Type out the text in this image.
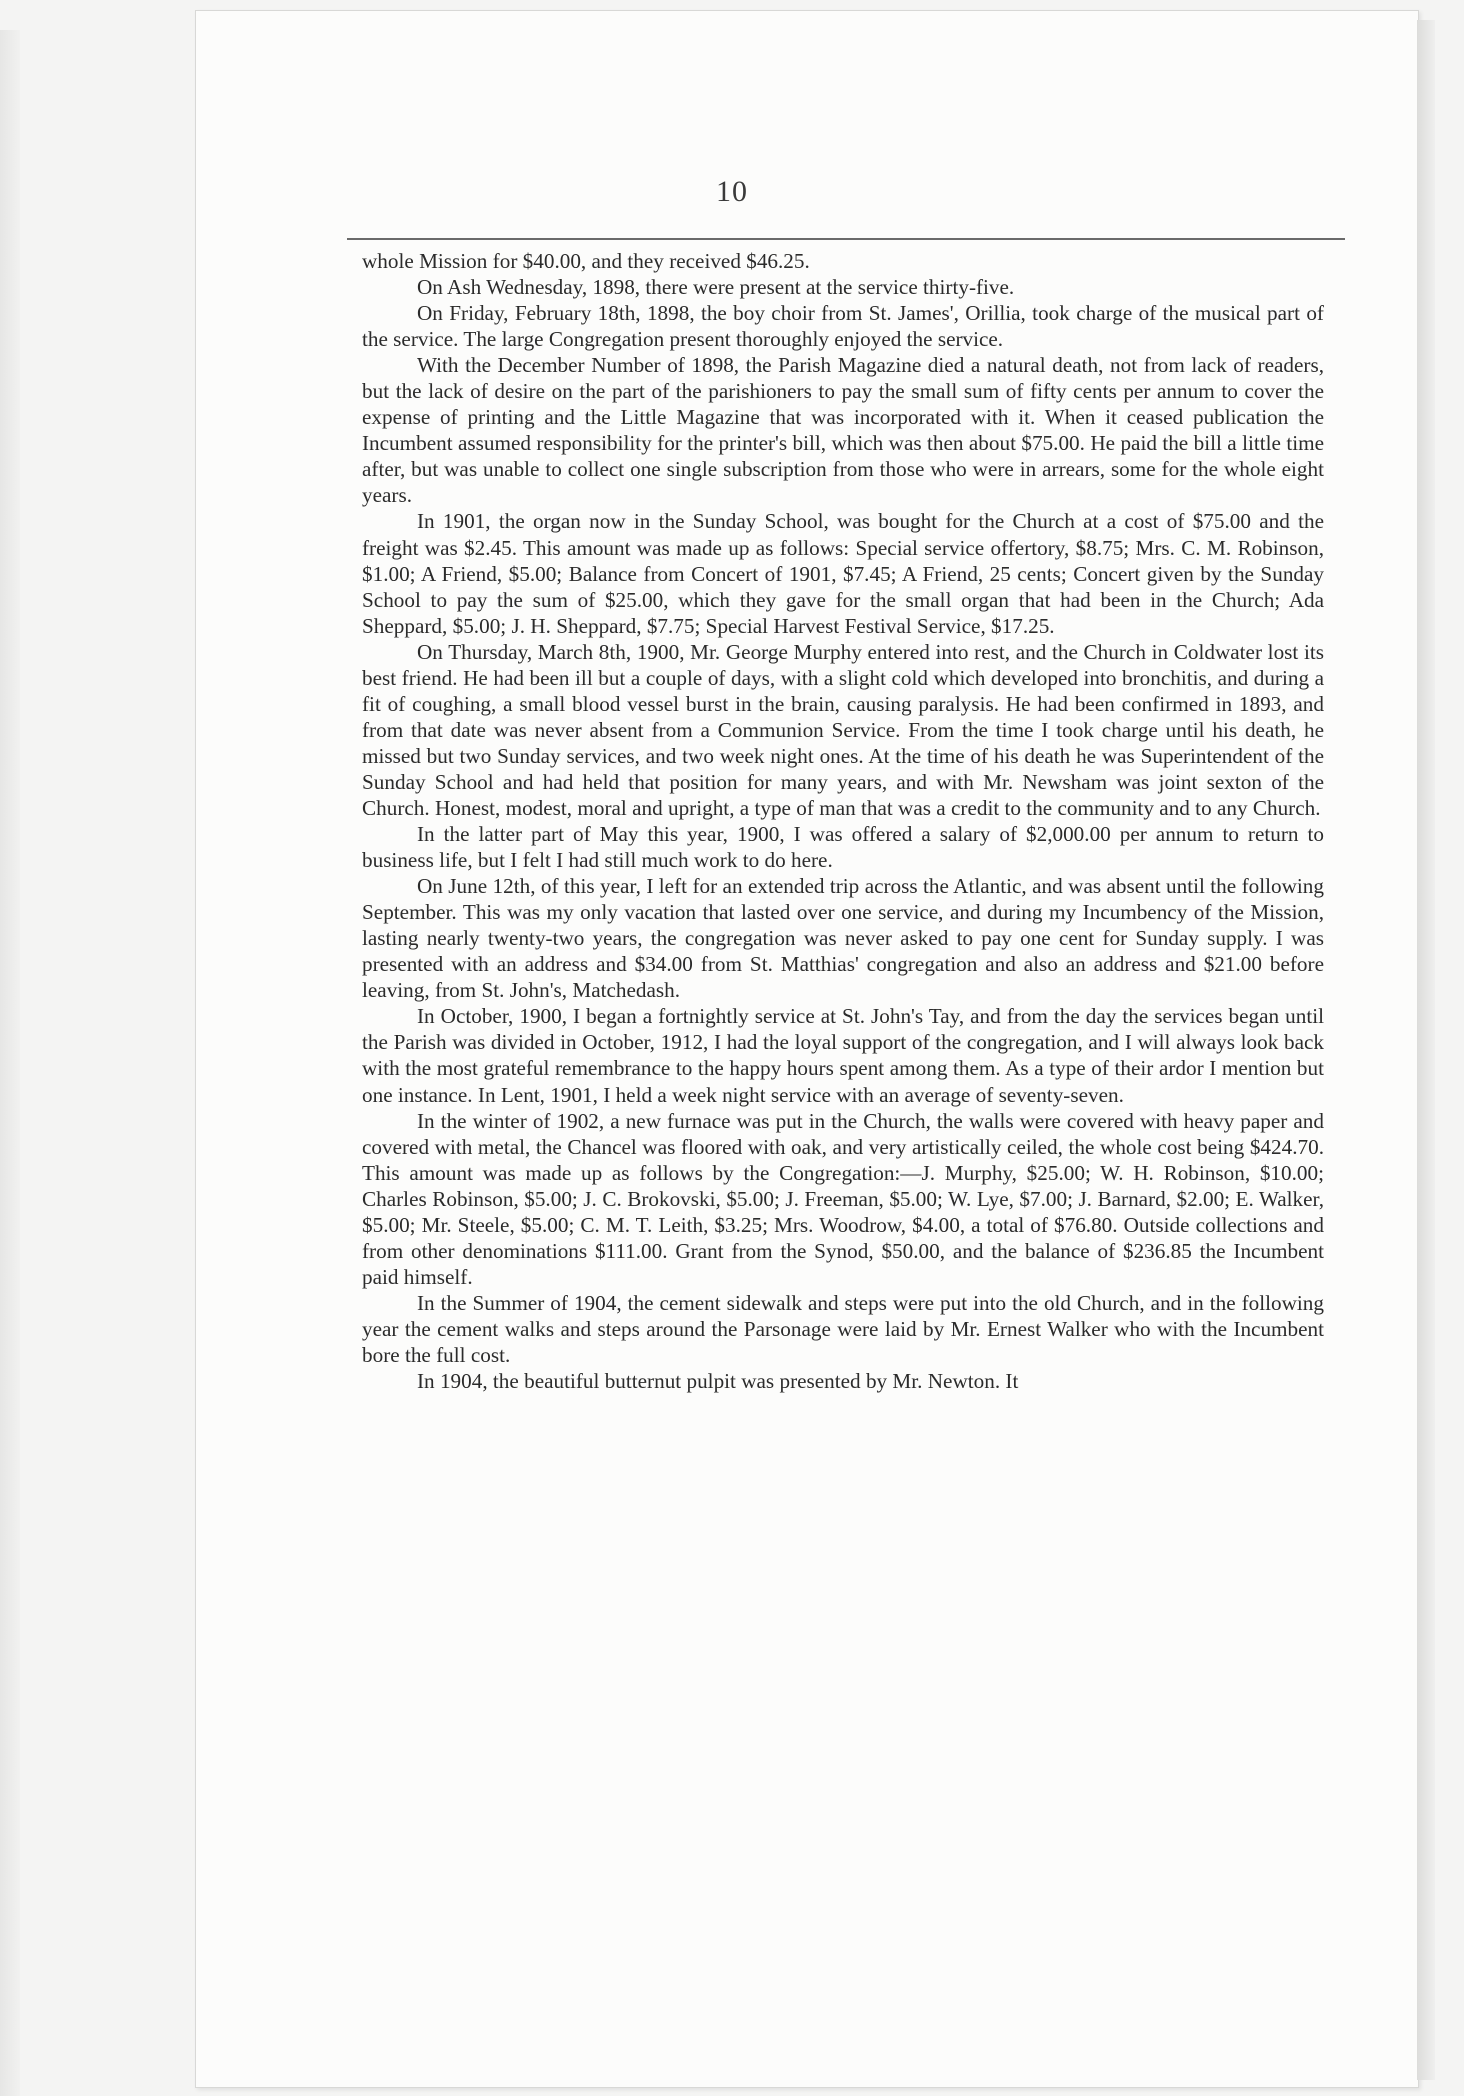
10

whole Mission for $40.00, and they received $46.25.

On Ash Wednesday, 1898, there were present at the service thirty-five.

On Friday, February 18th, 1898, the boy choir from St. James', Orillia, took charge of the musical part of the service. The large Congregation present thoroughly enjoyed the service.

With the December Number of 1898, the Parish Magazine died a natural death, not from lack of readers, but the lack of desire on the part of the parishioners to pay the small sum of fifty cents per annum to cover the expense of printing and the Little Magazine that was incorporated with it. When it ceased publication the Incumbent assumed responsibility for the printer's bill, which was then about $75.00. He paid the bill a little time after, but was unable to collect one single subscription from those who were in arrears, some for the whole eight years.

In 1901, the organ now in the Sunday School, was bought for the Church at a cost of $75.00 and the freight was $2.45. This amount was made up as follows: Special service offertory, $8.75; Mrs. C. M. Robinson, $1.00; A Friend, $5.00; Balance from Concert of 1901, $7.45; A Friend, 25 cents; Concert given by the Sunday School to pay the sum of $25.00, which they gave for the small organ that had been in the Church; Ada Sheppard, $5.00; J. H. Sheppard, $7.75; Special Harvest Festival Service, $17.25.

On Thursday, March 8th, 1900, Mr. George Murphy entered into rest, and the Church in Coldwater lost its best friend. He had been ill but a couple of days, with a slight cold which developed into bronchitis, and during a fit of coughing, a small blood vessel burst in the brain, causing paralysis. He had been confirmed in 1893, and from that date was never absent from a Communion Service. From the time I took charge until his death, he missed but two Sunday services, and two week night ones. At the time of his death he was Superintendent of the Sunday School and had held that position for many years, and with Mr. Newsham was joint sexton of the Church. Honest, modest, moral and upright, a type of man that was a credit to the community and to any Church.

In the latter part of May this year, 1900, I was offered a salary of $2,000.00 per annum to return to business life, but I felt I had still much work to do here.

On June 12th, of this year, I left for an extended trip across the Atlantic, and was absent until the following September. This was my only vacation that lasted over one service, and during my Incumbency of the Mission, lasting nearly twenty-two years, the congregation was never asked to pay one cent for Sunday supply. I was presented with an address and $34.00 from St. Matthias' congregation and also an address and $21.00 before leaving, from St. John's, Matchedash.

In October, 1900, I began a fortnightly service at St. John's Tay, and from the day the services began until the Parish was divided in October, 1912, I had the loyal support of the congregation, and I will always look back with the most grateful remembrance to the happy hours spent among them. As a type of their ardor I mention but one instance. In Lent, 1901, I held a week night service with an average of seventy-seven.

In the winter of 1902, a new furnace was put in the Church, the walls were covered with heavy paper and covered with metal, the Chancel was floored with oak, and very artistically ceiled, the whole cost being $424.70. This amount was made up as follows by the Congregation:—J. Murphy, $25.00; W. H. Robinson, $10.00; Charles Robinson, $5.00; J. C. Brokovski, $5.00; J. Freeman, $5.00; W. Lye, $7.00; J. Barnard, $2.00; E. Walker, $5.00; Mr. Steele, $5.00; C. M. T. Leith, $3.25; Mrs. Woodrow, $4.00, a total of $76.80. Outside collections and from other denominations $111.00. Grant from the Synod, $50.00, and the balance of $236.85 the Incumbent paid himself.

In the Summer of 1904, the cement sidewalk and steps were put into the old Church, and in the following year the cement walks and steps around the Parsonage were laid by Mr. Ernest Walker who with the Incumbent bore the full cost.

In 1904, the beautiful butternut pulpit was presented by Mr. Newton. It
